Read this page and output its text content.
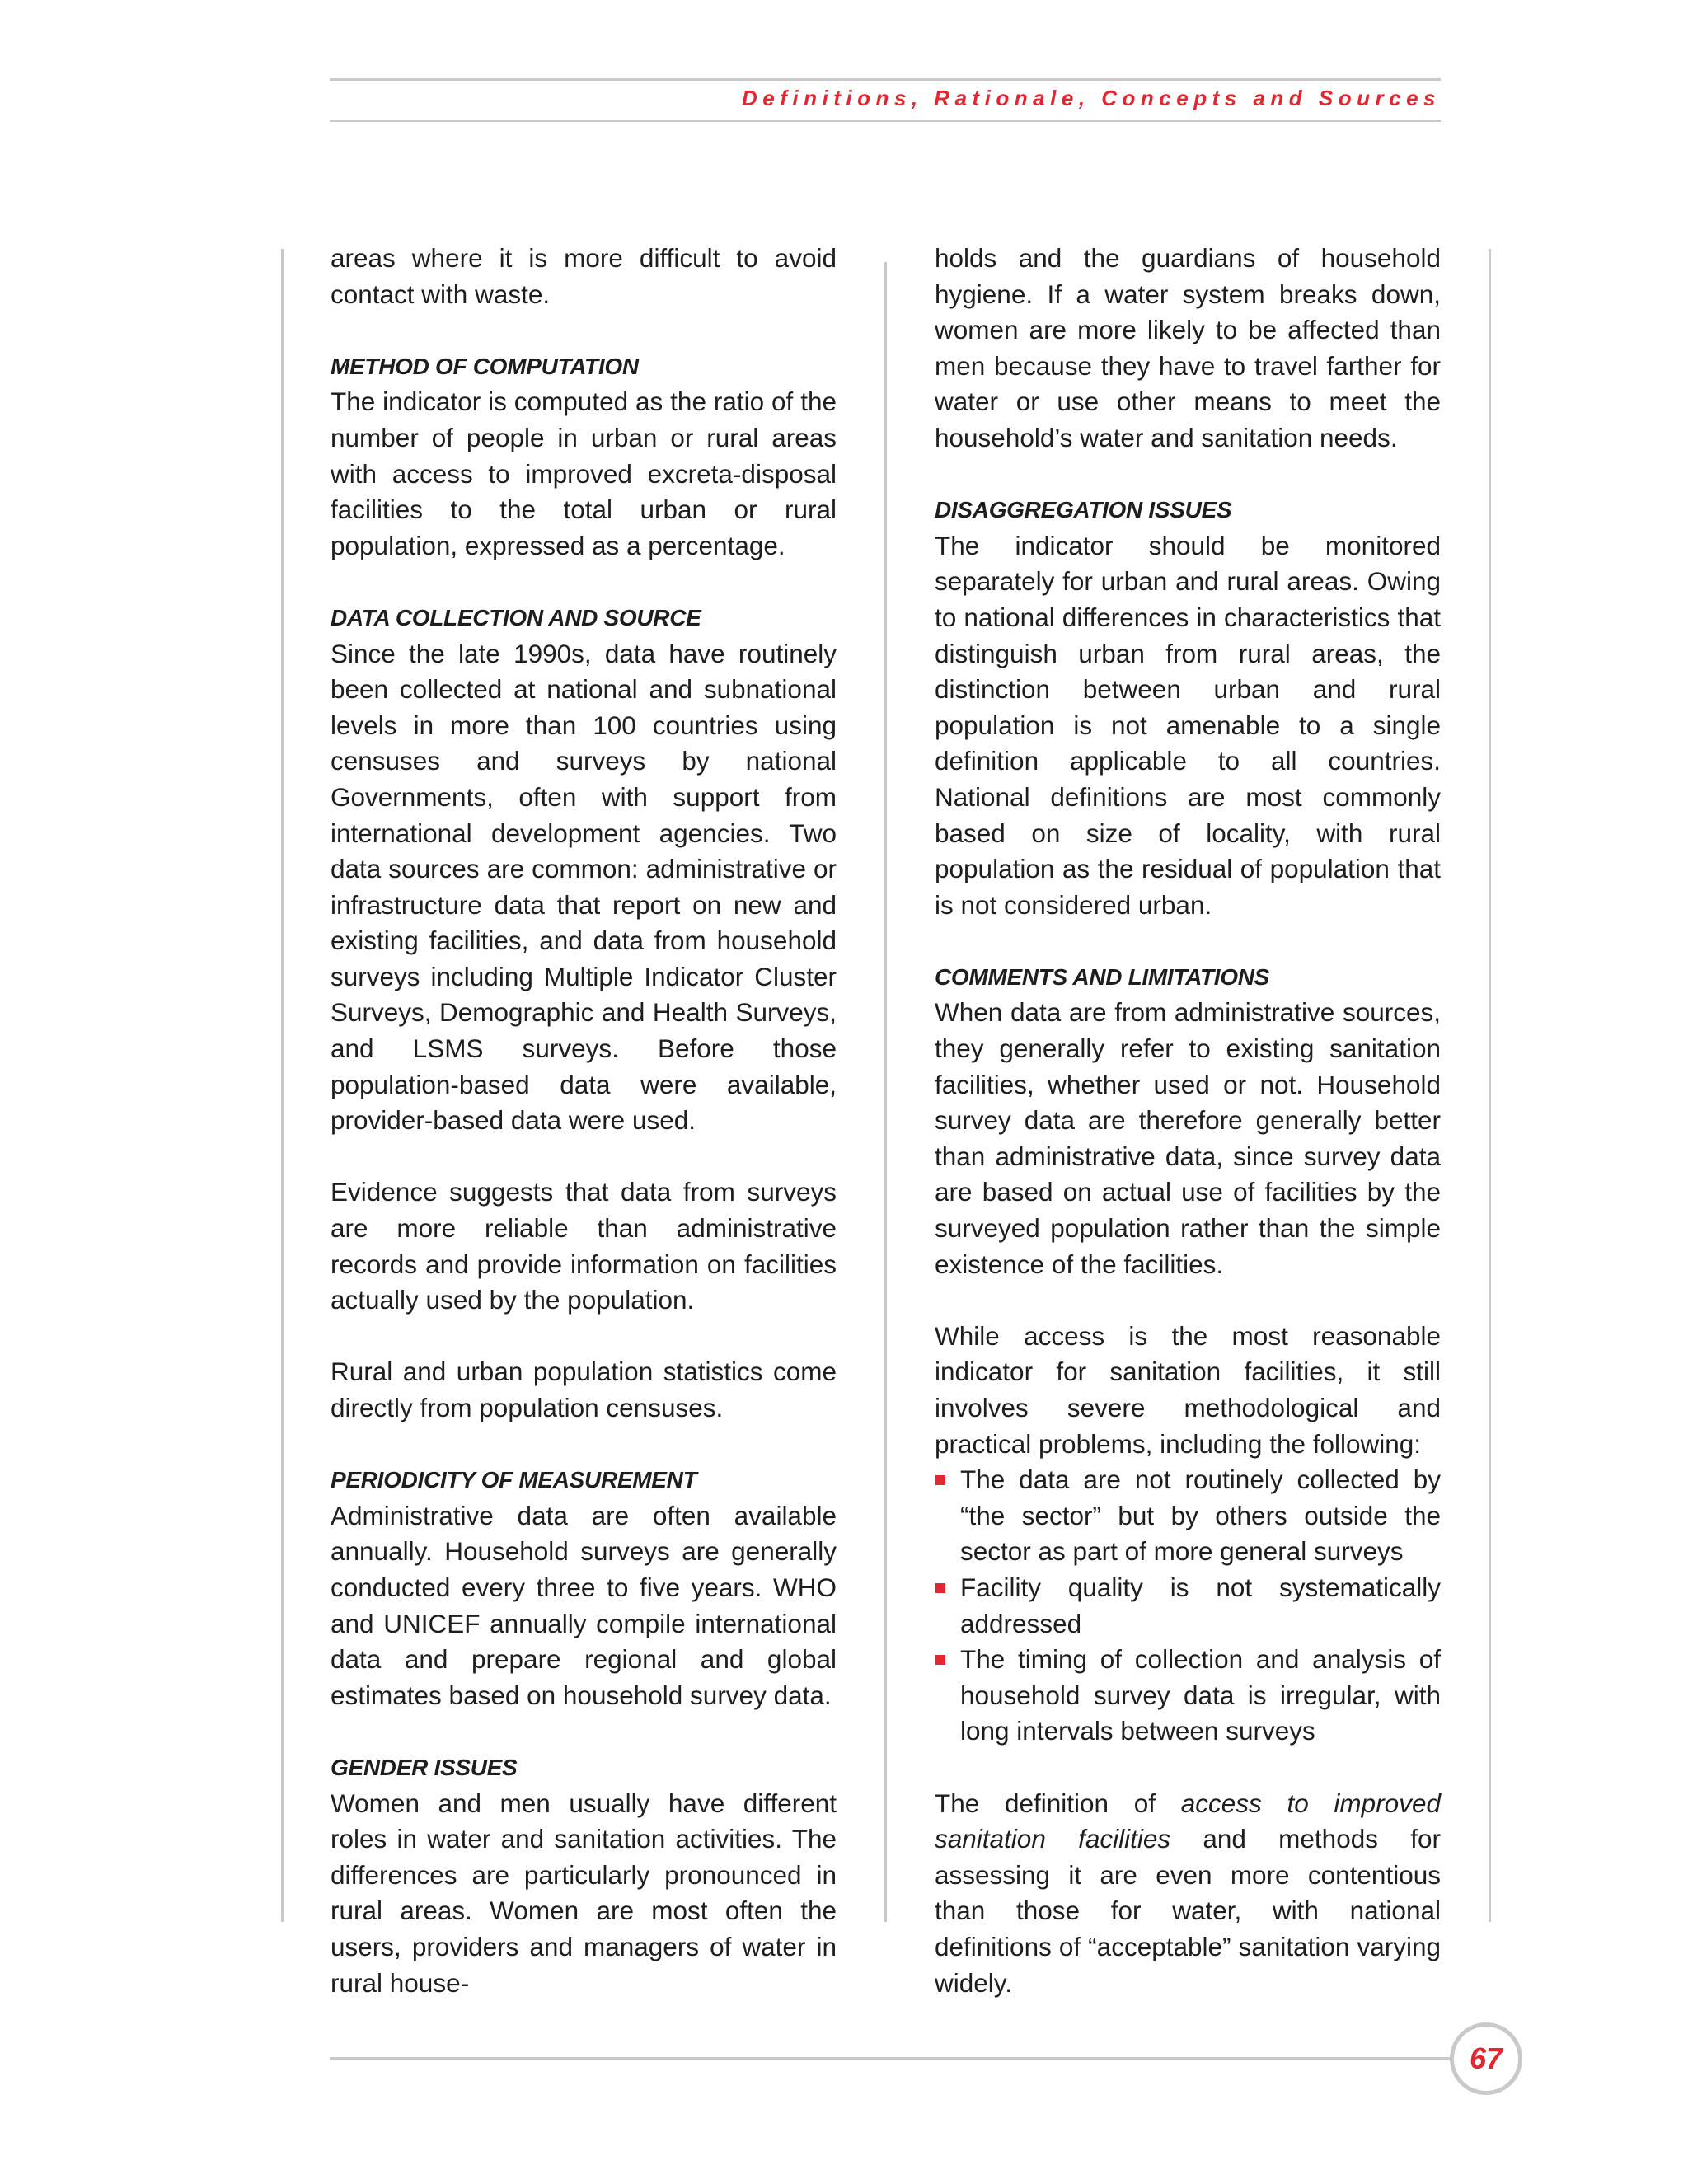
Definitions, Rationale, Concepts and Sources

areas where it is more difficult to avoid contact with waste.

METHOD OF COMPUTATION

The indicator is computed as the ratio of the number of people in urban or rural areas with access to improved excreta-disposal facilities to the total urban or rural population, expressed as a percentage.

DATA COLLECTION AND SOURCE

Since the late 1990s, data have routinely been collected at national and subnational levels in more than 100 countries using censuses and surveys by national Governments, often with support from international development agencies. Two data sources are common: administrative or infrastructure data that report on new and existing facilities, and data from household surveys including Multiple Indicator Cluster Surveys, Demographic and Health Surveys, and LSMS surveys. Before those population-based data were available, provider-based data were used.

Evidence suggests that data from surveys are more reliable than administrative records and provide information on facilities actually used by the population.

Rural and urban population statistics come directly from population censuses.

PERIODICITY OF MEASUREMENT

Administrative data are often available annually. Household surveys are generally conducted every three to five years. WHO and UNICEF annually compile international data and prepare regional and global estimates based on household survey data.

GENDER ISSUES

Women and men usually have different roles in water and sanitation activities. The differences are particularly pronounced in rural areas. Women are most often the users, providers and managers of water in rural house-

holds and the guardians of household hygiene. If a water system breaks down, women are more likely to be affected than men because they have to travel farther for water or use other means to meet the household’s water and sanitation needs.

DISAGGREGATION ISSUES

The indicator should be monitored separately for urban and rural areas. Owing to national differences in characteristics that distinguish urban from rural areas, the distinction between urban and rural population is not amenable to a single definition applicable to all countries. National definitions are most commonly based on size of locality, with rural population as the residual of population that is not considered urban.

COMMENTS AND LIMITATIONS

When data are from administrative sources, they generally refer to existing sanitation facilities, whether used or not. Household survey data are therefore generally better than administrative data, since survey data are based on actual use of facilities by the surveyed population rather than the simple existence of the facilities.

While access is the most reasonable indicator for sanitation facilities, it still involves severe methodological and practical problems, including the following:

The data are not routinely collected by “the sector” but by others outside the sector as part of more general surveys
Facility quality is not systematically addressed
The timing of collection and analysis of household survey data is irregular, with long intervals between surveys

The definition of access to improved sanitation facilities and methods for assessing it are even more contentious than those for water, with national definitions of “acceptable” sanitation varying widely.

67
